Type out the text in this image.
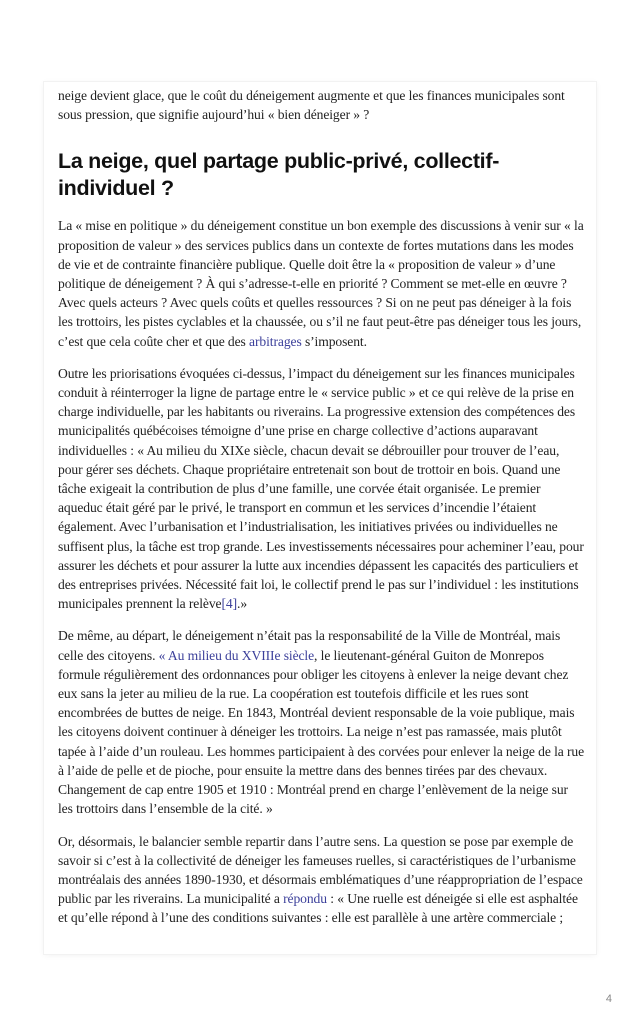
neige devient glace, que le coût du déneigement augmente et que les finances municipales sont sous pression, que signifie aujourd’hui « bien déneiger » ?

La neige, quel partage public-privé, collectif-individuel ?

La « mise en politique » du déneigement constitue un bon exemple des discussions à venir sur « la proposition de valeur » des services publics dans un contexte de fortes mutations dans les modes de vie et de contrainte financière publique. Quelle doit être la « proposition de valeur » d’une politique de déneigement ? À qui s’adresse-t-elle en priorité ? Comment se met-elle en œuvre ? Avec quels acteurs ? Avec quels coûts et quelles ressources ? Si on ne peut pas déneiger à la fois les trottoirs, les pistes cyclables et la chaussée, ou s’il ne faut peut-être pas déneiger tous les jours, c’est que cela coûte cher et que des arbitrages s’imposent.

Outre les priorisations évoquées ci-dessus, l’impact du déneigement sur les finances municipales conduit à réinterroger la ligne de partage entre le « service public » et ce qui relève de la prise en charge individuelle, par les habitants ou riverains. La progressive extension des compétences des municipalités québécoises témoigne d’une prise en charge collective d’actions auparavant individuelles : « Au milieu du XIXe siècle, chacun devait se débrouiller pour trouver de l’eau, pour gérer ses déchets. Chaque propriétaire entretenait son bout de trottoir en bois. Quand une tâche exigeait la contribution de plus d’une famille, une corvée était organisée. Le premier aqueduc était géré par le privé, le transport en commun et les services d’incendie l’étaient également. Avec l’urbanisation et l’industrialisation, les initiatives privées ou individuelles ne suffisent plus, la tâche est trop grande. Les investissements nécessaires pour acheminer l’eau, pour assurer les déchets et pour assurer la lutte aux incendies dépassent les capacités des particuliers et des entreprises privées. Nécessité fait loi, le collectif prend le pas sur l’individuel : les institutions municipales prennent la relève[4].»

De même, au départ, le déneigement n’était pas la responsabilité de la Ville de Montréal, mais celle des citoyens. « Au milieu du XVIIIe siècle, le lieutenant-général Guiton de Monrepos formule régulièrement des ordonnances pour obliger les citoyens à enlever la neige devant chez eux sans la jeter au milieu de la rue. La coopération est toutefois difficile et les rues sont encombrées de buttes de neige. En 1843, Montréal devient responsable de la voie publique, mais les citoyens doivent continuer à déneiger les trottoirs. La neige n’est pas ramassée, mais plutôt tapée à l’aide d’un rouleau. Les hommes participaient à des corvées pour enlever la neige de la rue à l’aide de pelle et de pioche, pour ensuite la mettre dans des bennes tirées par des chevaux. Changement de cap entre 1905 et 1910 : Montréal prend en charge l’enlèvement de la neige sur les trottoirs dans l’ensemble de la cité. »

Or, désormais, le balancier semble repartir dans l’autre sens. La question se pose par exemple de savoir si c’est à la collectivité de déneiger les fameuses ruelles, si caractéristiques de l’urbanisme montréalais des années 1890-1930, et désormais emblématiques d’une réappropriation de l’espace public par les riverains. La municipalité a répondu : « Une ruelle est déneigée si elle est asphaltée et qu’elle répond à l’une des conditions suivantes : elle est parallèle à une artère commerciale ;

4
